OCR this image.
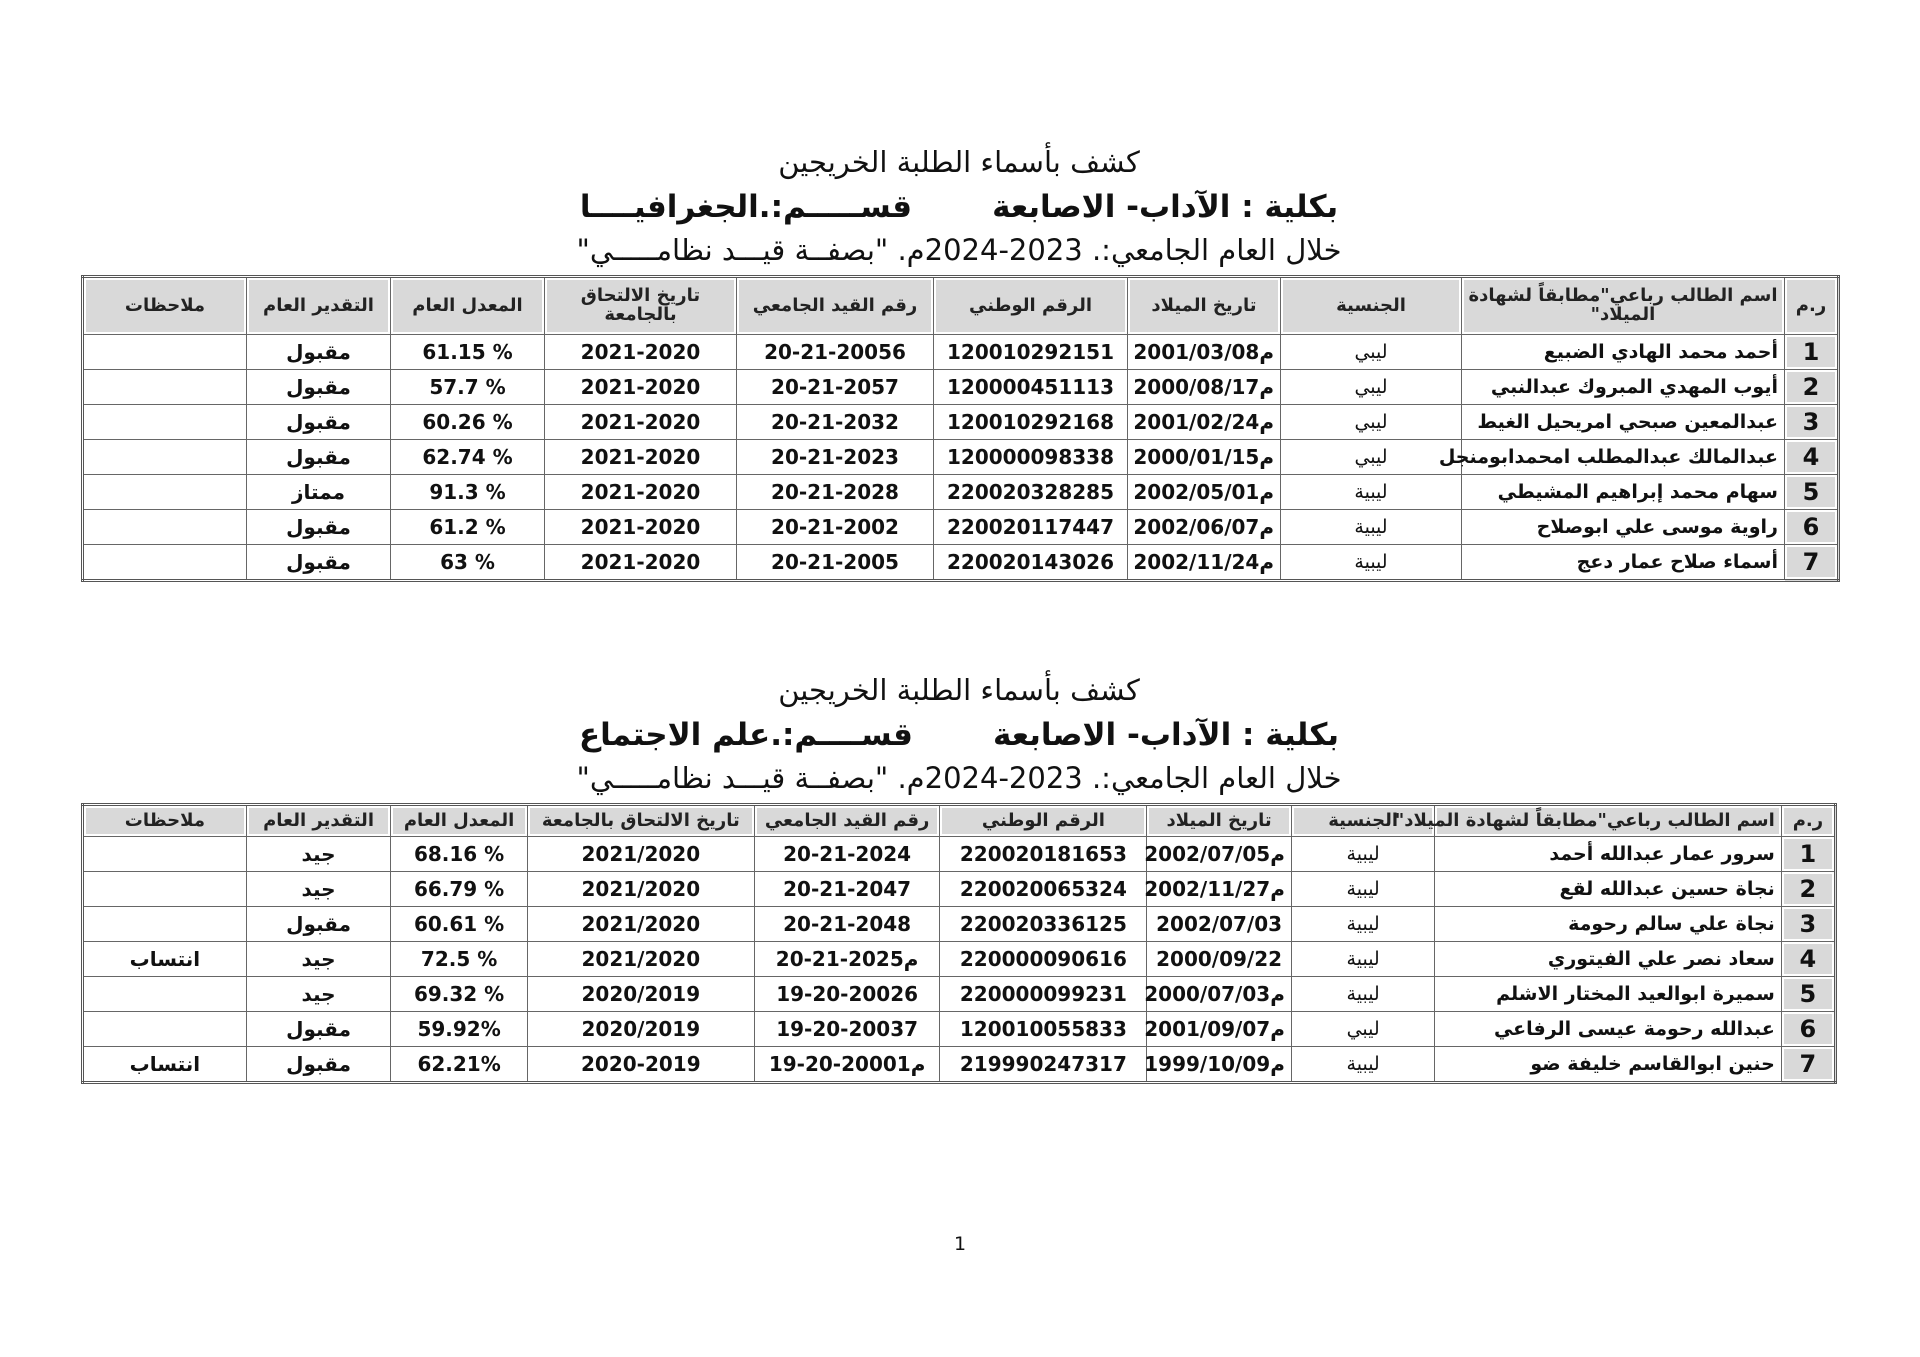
كشف بأسماء الطلبة الخريجين
بكلية : الآداب- الاصابعةقســـــم:.الجغرافيــــا
خلال العام الجامعي:. 2023-2024م. "بصفــة قيـــد نظامـــــي"
ر.م	اسم الطالب رباعي"مطابقاً لشهادة الميلاد"	الجنسية	تاريخ الميلاد	الرقم الوطني	رقم القيد الجامعي	تاريخ الالتحاق بالجامعة	المعدل العام	التقدير العام	ملاحظات
1	أحمد محمد الهادي الضبيع	ليبي	2001/03/08م	120010292151	20-21-20056	2021-2020	61.15 %	مقبول	
2	أيوب المهدي المبروك عبدالنبي	ليبي	2000/08/17م	120000451113	20-21-2057	2021-2020	57.7 %	مقبول	
3	عبدالمعين صبحي امريحيل الغيط	ليبي	2001/02/24م	120010292168	20-21-2032	2021-2020	60.26 %	مقبول	
4	عبدالمالك عبدالمطلب امحمدابومنجل	ليبي	2000/01/15م	120000098338	20-21-2023	2021-2020	62.74 %	مقبول	
5	سهام محمد إبراهيم المشيطي	ليبية	2002/05/01م	220020328285	20-21-2028	2021-2020	91.3 %	ممتاز	
6	راوية موسى علي ابوصلاح	ليبية	2002/06/07م	220020117447	20-21-2002	2021-2020	61.2 %	مقبول	
7	أسماء صلاح عمار دعج	ليبية	2002/11/24م	220020143026	20-21-2005	2021-2020	63 %	مقبول	
كشف بأسماء الطلبة الخريجين
بكلية : الآداب- الاصابعةقســــم:.علم الاجتماع
خلال العام الجامعي:. 2023-2024م. "بصفــة قيـــد نظامـــــي"
ر.م	اسم الطالب رباعي"مطابقاً لشهادة الميلاد"	الجنسية	تاريخ الميلاد	الرقم الوطني	رقم القيد الجامعي	تاريخ الالتحاق بالجامعة	المعدل العام	التقدير العام	ملاحظات
1	سرور عمار عبدالله أحمد	ليبية	2002/07/05م	220020181653	20-21-2024	2021/2020	68.16 %	جيد	
2	نجاة حسين عبدالله لقع	ليبية	2002/11/27م	220020065324	20-21-2047	2021/2020	66.79 %	جيد	
3	نجاة علي سالم رحومة	ليبية	2002/07/03	220020336125	20-21-2048	2021/2020	60.61 %	مقبول	
4	سعاد نصر علي الفيتوري	ليبية	2000/09/22	220000090616	20-21-20م25	2021/2020	72.5 %	جيد	انتساب
5	سميرة ابوالعيد المختار الاشلم	ليبية	2000/07/03م	220000099231	19-20-20026	2020/2019	69.32 %	جيد	
6	عبدالله رحومة عيسى الرفاعي	ليبي	2001/09/07م	120010055833	19-20-20037	2020/2019	59.92%	مقبول	
7	حنين ابوالقاسم خليفة ضو	ليبية	1999/10/09م	219990247317	19-20-2000م1	2020-2019	62.21%	مقبول	انتساب
1
